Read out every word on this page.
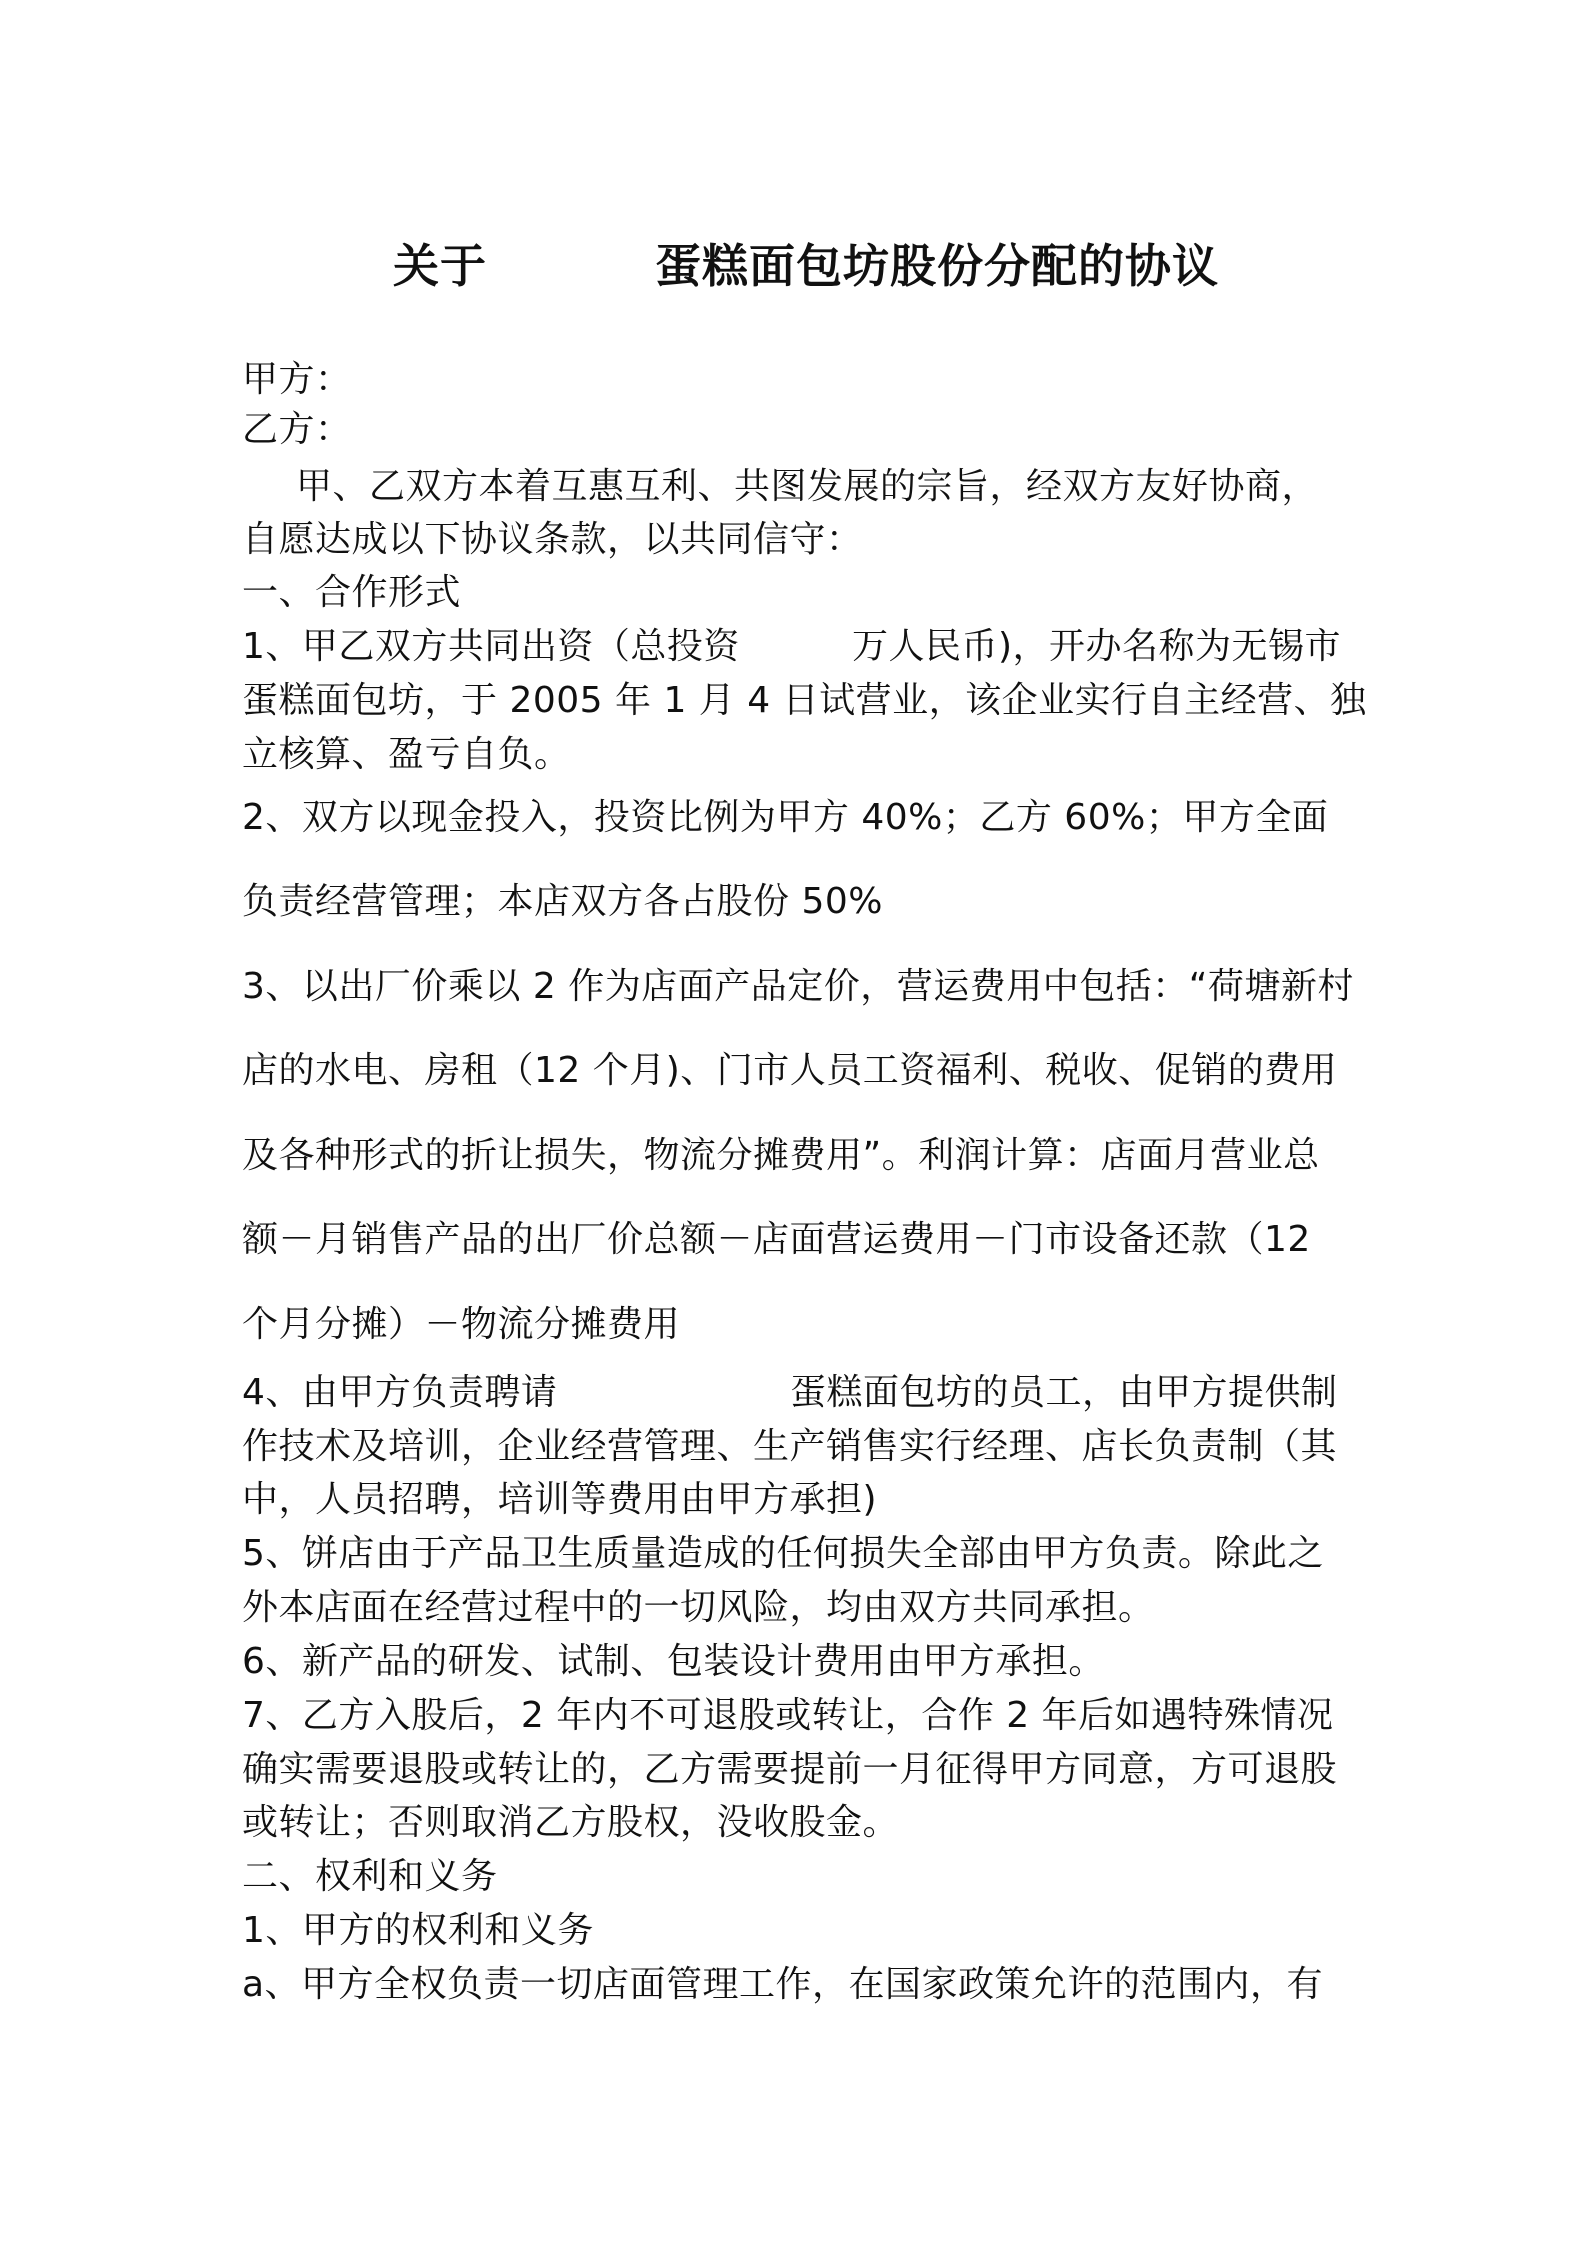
关于	蛋糕面包坊股份分配的协议
甲方：
乙方：
甲、乙双方本着互惠互利、共图发展的宗旨，经双方友好协商，
自愿达成以下协议条款，以共同信守：
一、合作形式
1、甲乙双方共同出资（总投资	万人民币)，开办名称为无锡市
蛋糕面包坊，于 2005 年 1 月 4 日试营业，该企业实行自主经营、独
立核算、盈亏自负。
2、双方以现金投入，投资比例为甲方 40%；乙方 60%；甲方全面
负责经营管理；本店双方各占股份 50%
3、以出厂价乘以 2 作为店面产品定价，营运费用中包括：“荷塘新村
店的水电、房租（12 个月)、门市人员工资福利、税收、促销的费用
及各种形式的折让损失，物流分摊费用”。利润计算：店面月营业总
额－月销售产品的出厂价总额－店面营运费用－门市设备还款（12
个月分摊）－物流分摊费用
4、由甲方负责聘请	蛋糕面包坊的员工，由甲方提供制
作技术及培训，企业经营管理、生产销售实行经理、店长负责制（其
中，人员招聘，培训等费用由甲方承担)
5、饼店由于产品卫生质量造成的任何损失全部由甲方负责。除此之
外本店面在经营过程中的一切风险，均由双方共同承担。
6、新产品的研发、试制、包装设计费用由甲方承担。
7、乙方入股后，2 年内不可退股或转让，合作 2 年后如遇特殊情况
确实需要退股或转让的，乙方需要提前一月征得甲方同意，方可退股
或转让；否则取消乙方股权，没收股金。
二、权利和义务
1、甲方的权利和义务
a、甲方全权负责一切店面管理工作，在国家政策允许的范围内，有
